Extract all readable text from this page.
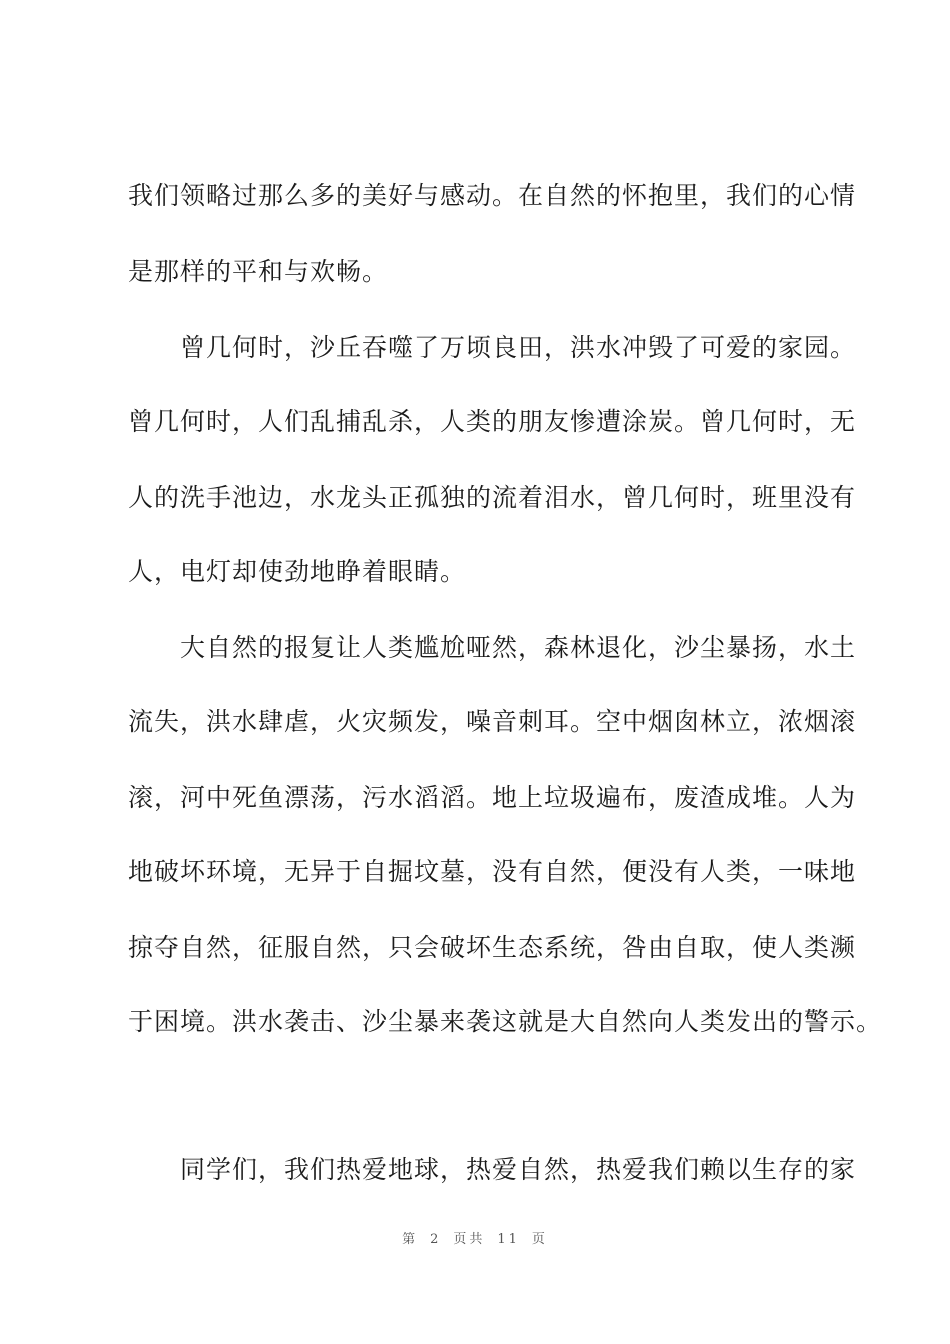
我们领略过那么多的美好与感动。在自然的怀抱里，我们的心情
是那样的平和与欢畅。
曾几何时，沙丘吞噬了万顷良田，洪水冲毁了可爱的家园。
曾几何时，人们乱捕乱杀，人类的朋友惨遭涂炭。曾几何时，无
人的洗手池边，水龙头正孤独的流着泪水，曾几何时，班里没有
人，电灯却使劲地睁着眼睛。
大自然的报复让人类尴尬哑然，森林退化，沙尘暴扬，水土
流失，洪水肆虐，火灾频发，噪音刺耳。空中烟囱林立，浓烟滚
滚，河中死鱼漂荡，污水滔滔。地上垃圾遍布，废渣成堆。人为
地破坏环境，无异于自掘坟墓，没有自然，便没有人类，一味地
掠夺自然，征服自然，只会破坏生态系统，咎由自取，使人类濒
于困境。洪水袭击、沙尘暴来袭这就是大自然向人类发出的警示。
同学们，我们热爱地球，热爱自然，热爱我们赖以生存的家
第 2 页共 11 页
